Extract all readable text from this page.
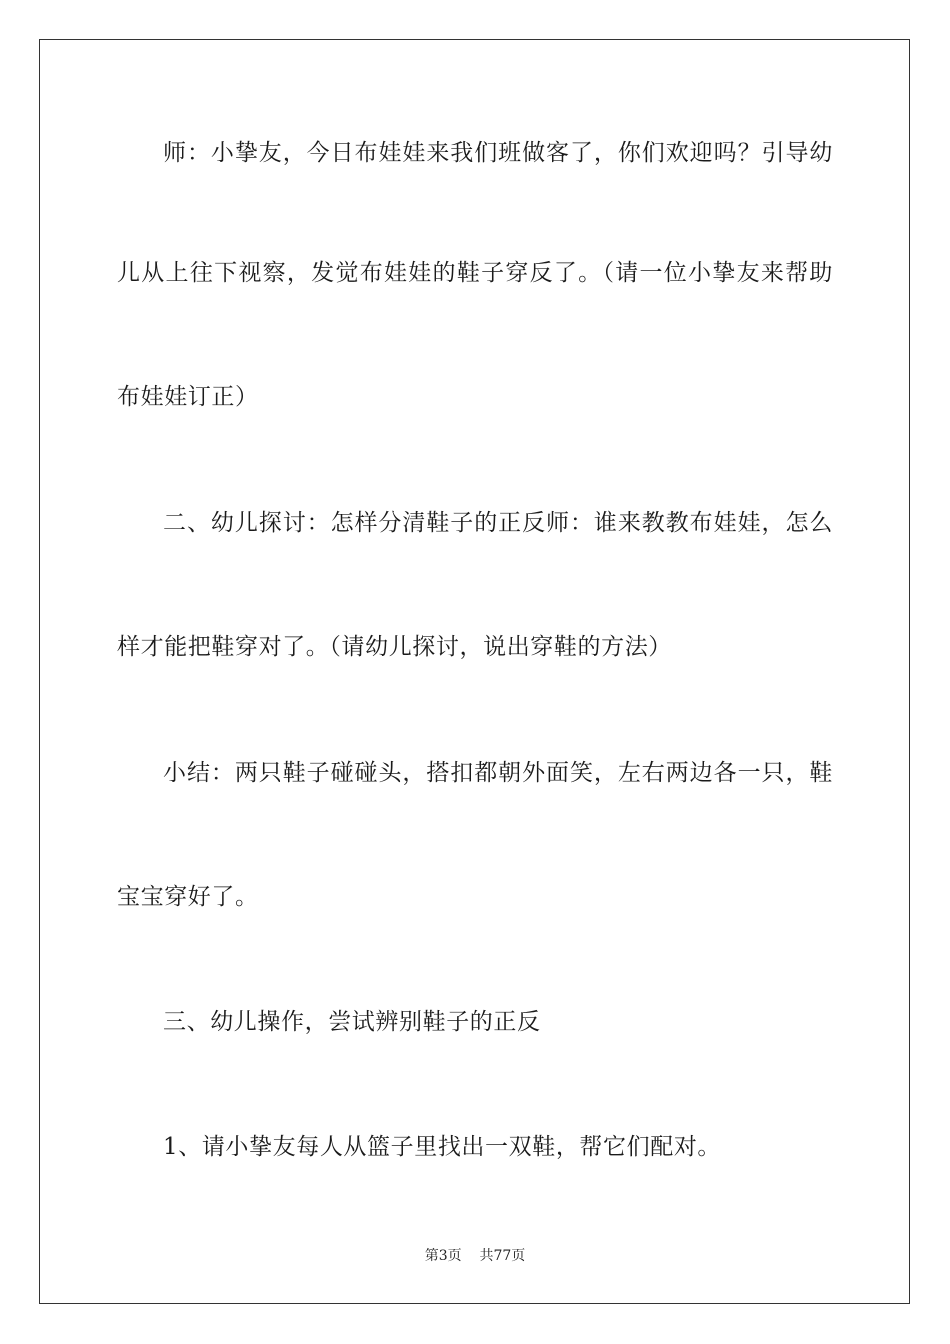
师：小挚友，今日布娃娃来我们班做客了，你们欢迎吗？引导幼
儿从上往下视察，发觉布娃娃的鞋子穿反了。（请一位小挚友来帮助
布娃娃订正）
二、幼儿探讨：怎样分清鞋子的正反师：谁来教教布娃娃，怎么
样才能把鞋穿对了。（请幼儿探讨，说出穿鞋的方法）
小结：两只鞋子碰碰头，搭扣都朝外面笑，左右两边各一只，鞋
宝宝穿好了。
三、幼儿操作，尝试辨别鞋子的正反
1、请小挚友每人从篮子里找出一双鞋，帮它们配对。
第3页 共77页
